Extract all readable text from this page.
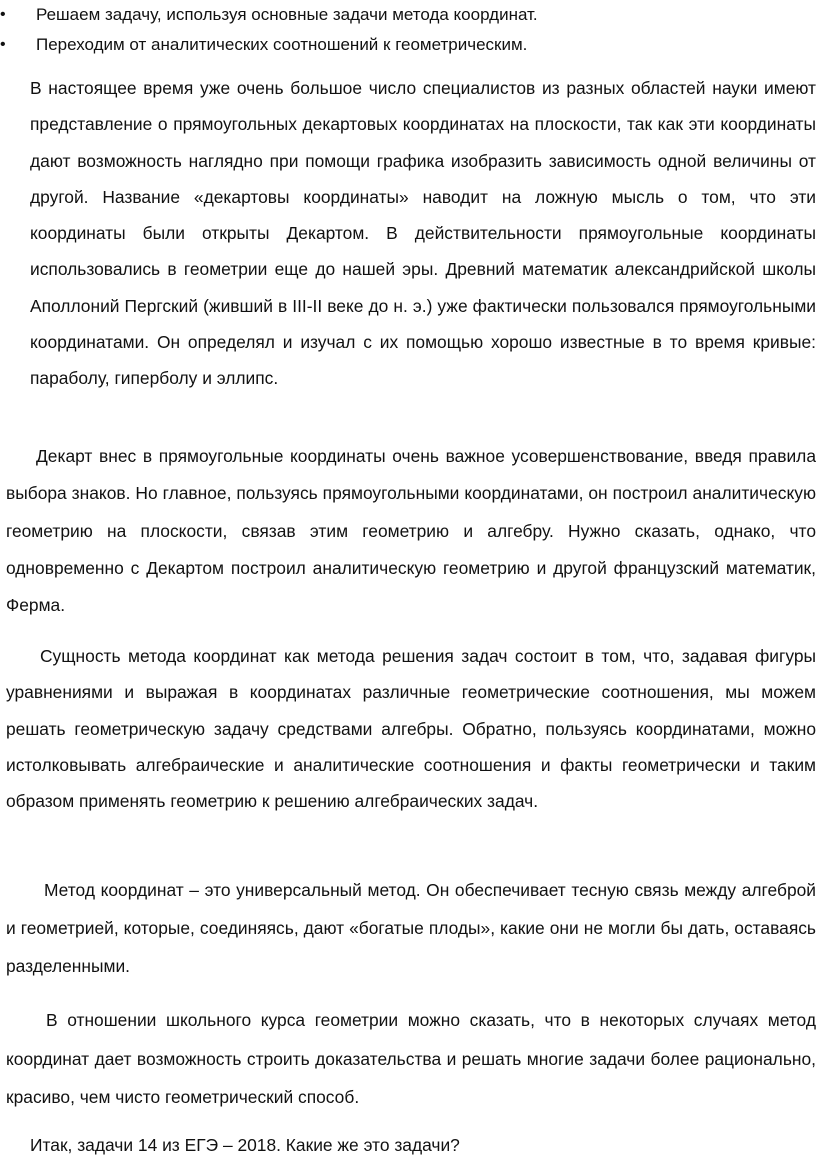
• Решаем задачу, используя основные задачи метода координат.
• Переходим от аналитических соотношений к геометрическим.

В настоящее время уже очень большое число специалистов из разных областей науки имеют представление о прямоугольных декартовых координатах на плоскости, так как эти координаты дают возможность наглядно при помощи графика изобразить зависимость одной величины от другой. Название «декартовы координаты» наводит на ложную мысль о том, что эти координаты были открыты Декартом. В действительности прямоугольные координаты использовались в геометрии еще до нашей эры. Древний математик александрийской школы Аполлоний Пергский (живший в III-II веке до н. э.) уже фактически пользовался прямоугольными координатами. Он определял и изучал с их помощью хорошо известные в то время кривые: параболу, гиперболу и эллипс.

Декарт внес в прямоугольные координаты очень важное усовершенствование, введя правила выбора знаков. Но главное, пользуясь прямоугольными координатами, он построил аналитическую геометрию на плоскости, связав этим геометрию и алгебру. Нужно сказать, однако, что одновременно с Декартом построил аналитическую геометрию и другой французский математик, Ферма.

Сущность метода координат как метода решения задач состоит в том, что, задавая фигуры уравнениями и выражая в координатах различные геометрические соотношения, мы можем решать геометрическую задачу средствами алгебры. Обратно, пользуясь координатами, можно истолковывать алгебраические и аналитические соотношения и факты геометрически и таким образом применять геометрию к решению алгебраических задач.

Метод координат – это универсальный метод. Он обеспечивает тесную связь между алгеброй и геометрией, которые, соединяясь, дают «богатые плоды», какие они не могли бы дать, оставаясь разделенными.

В отношении школьного курса геометрии можно сказать, что в некоторых случаях метод координат дает возможность строить доказательства и решать многие задачи более рационально, красиво, чем чисто геометрический способ.

Итак, задачи 14 из ЕГЭ – 2018. Какие же это задачи?
